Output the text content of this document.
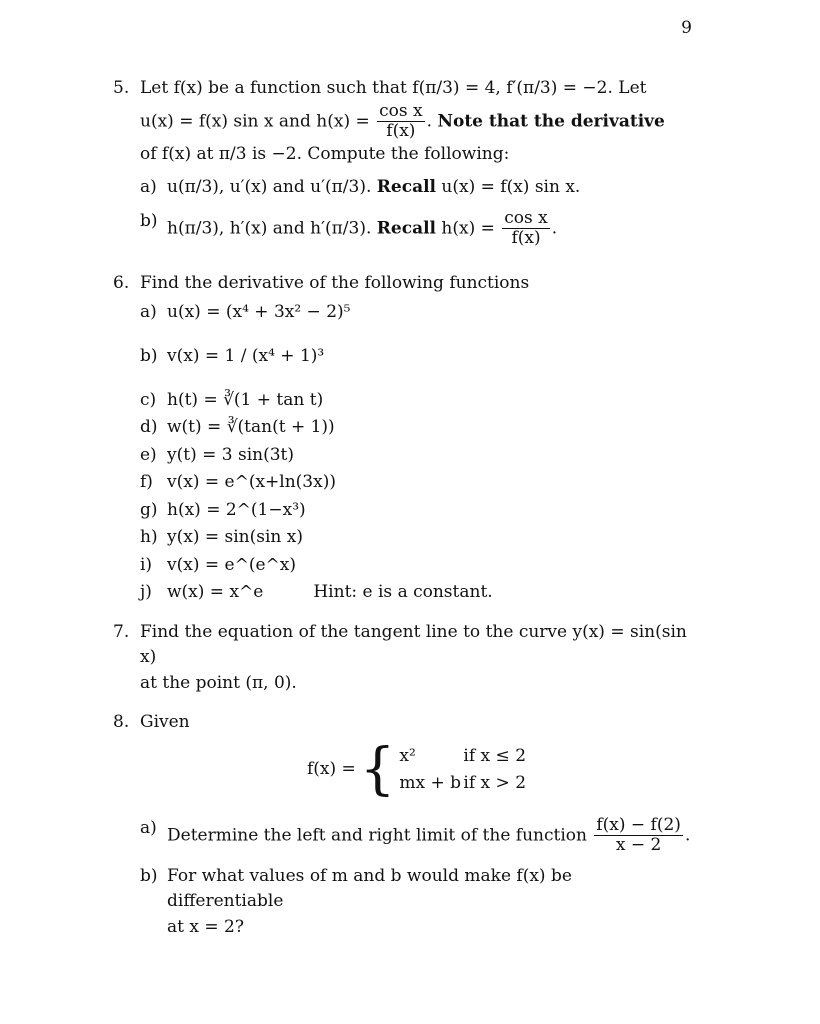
9
5. Let f(x) be a function such that f(π/3) = 4, f′(π/3) = −2. Let
u(x) = f(x) sin x and $h(x) = \frac{\text{cos x}}{f(x)}$ . Note that the derivative
of f(x) at π/3 is −2. Compute the following:
a) u(π/3), u′(x) and u′(π/3). Recall u(x) = f(x) sin x.
b) h(π/3), h′(x) and h′(π/3). Recall $h(x) = \frac{\text{cos x}}{f(x)}$ .
6. Find the derivative of the following functions
a) u(x) = (x⁴ + 3x² − 2)⁵
b) v(x) = 1 / (x⁴ + 1)³
c) h(t) = ∛(1 + tan t)
d) w(t) = ∛(tan(t + 1))
e) y(t) = 3 sin(3t)
f) v(x) = e^(x+ln(3x))
g) h(x) = 2^(1−x³)
h) y(x) = sin(sin x)
i) v(x) = e^(e^x)
j) w(x) = x^e	Hint: e is a constant.
7. Find the equation of the tangent line to the curve y(x) = sin(sin x)
at the point (π, 0).
8. Given
f(x) = { x²	if x ≤ 2
mx + b if x > 2
a) Determine the left and right limit of the function $\frac{f(x) - f(2)}{x - 2}$ .
b) For what values of m and b would make f(x) be differentiable
at x = 2?
